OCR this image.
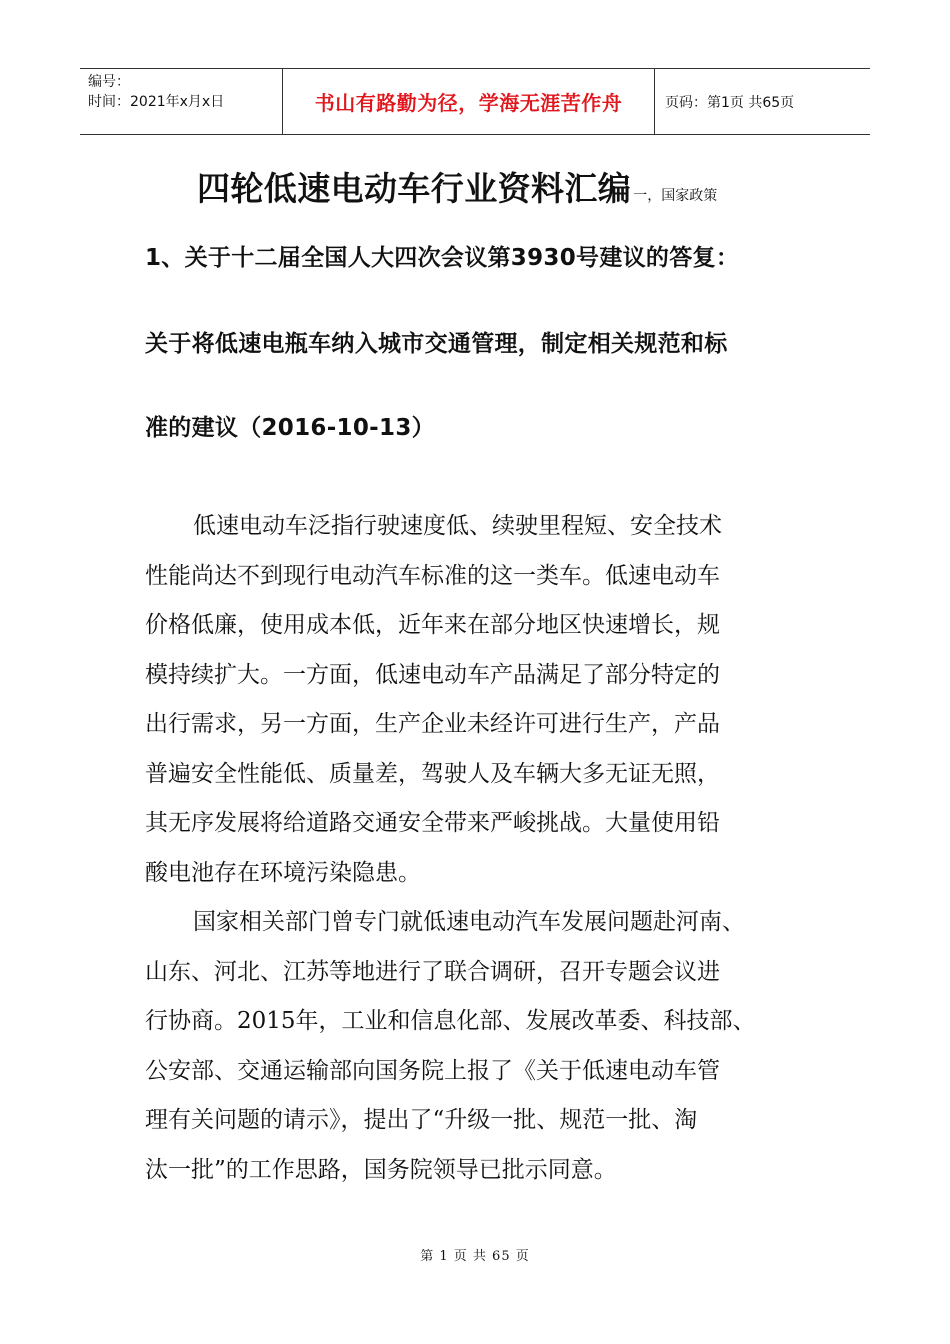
编号：
时间：2021年x月x日	书山有路勤为径，学海无涯苦作舟	页码：第1页 共65页
四轮低速电动车行业资料汇编 一，国家政策
1、关于十二届全国人大四次会议第3930号建议的答复：
关于将低速电瓶车纳入城市交通管理，制定相关规范和标
准的建议（2016-10-13）
低速电动车泛指行驶速度低、续驶里程短、安全技术
性能尚达不到现行电动汽车标准的这一类车。低速电动车
价格低廉，使用成本低，近年来在部分地区快速增长，规
模持续扩大。一方面，低速电动车产品满足了部分特定的
出行需求，另一方面，生产企业未经许可进行生产，产品
普遍安全性能低、质量差，驾驶人及车辆大多无证无照，
其无序发展将给道路交通安全带来严峻挑战。大量使用铅
酸电池存在环境污染隐患。
国家相关部门曾专门就低速电动汽车发展问题赴河南、
山东、河北、江苏等地进行了联合调研，召开专题会议进
行协商。2015年，工业和信息化部、发展改革委、科技部、
公安部、交通运输部向国务院上报了《关于低速电动车管
理有关问题的请示》，提出了“升级一批、规范一批、淘
汰一批”的工作思路，国务院领导已批示同意。
第 1 页 共 65 页
